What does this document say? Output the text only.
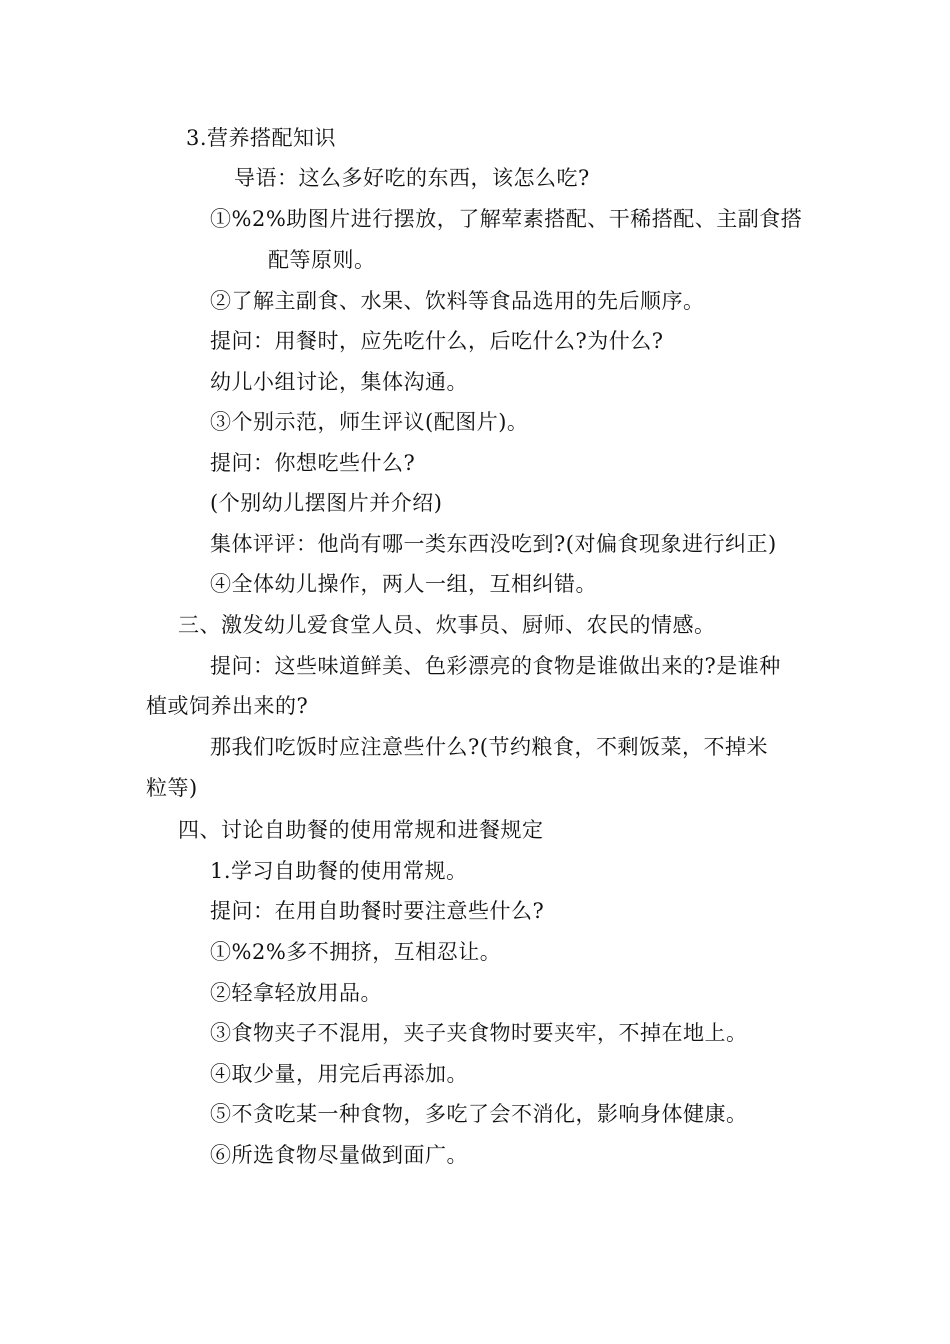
3.营养搭配知识
导语：这么多好吃的东西，该怎么吃?
①%2%助图片进行摆放，了解荤素搭配、干稀搭配、主副食搭
配等原则。
②了解主副食、水果、饮料等食品选用的先后顺序。
提问：用餐时，应先吃什么，后吃什么?为什么?
幼儿小组讨论，集体沟通。
③个别示范，师生评议(配图片)。
提问：你想吃些什么?
(个别幼儿摆图片并介绍)
集体评评：他尚有哪一类东西没吃到?(对偏食现象进行纠正)
④全体幼儿操作，两人一组，互相纠错。
三、激发幼儿爱食堂人员、炊事员、厨师、农民的情感。
提问：这些味道鲜美、色彩漂亮的食物是谁做出来的?是谁种
植或饲养出来的?
那我们吃饭时应注意些什么?(节约粮食，不剩饭菜，不掉米
粒等)
四、讨论自助餐的使用常规和进餐规定
1.学习自助餐的使用常规。
提问：在用自助餐时要注意些什么?
①%2%多不拥挤，互相忍让。
②轻拿轻放用品。
③食物夹子不混用，夹子夹食物时要夹牢，不掉在地上。
④取少量，用完后再添加。
⑤不贪吃某一种食物，多吃了会不消化，影响身体健康。
⑥所选食物尽量做到面广。
